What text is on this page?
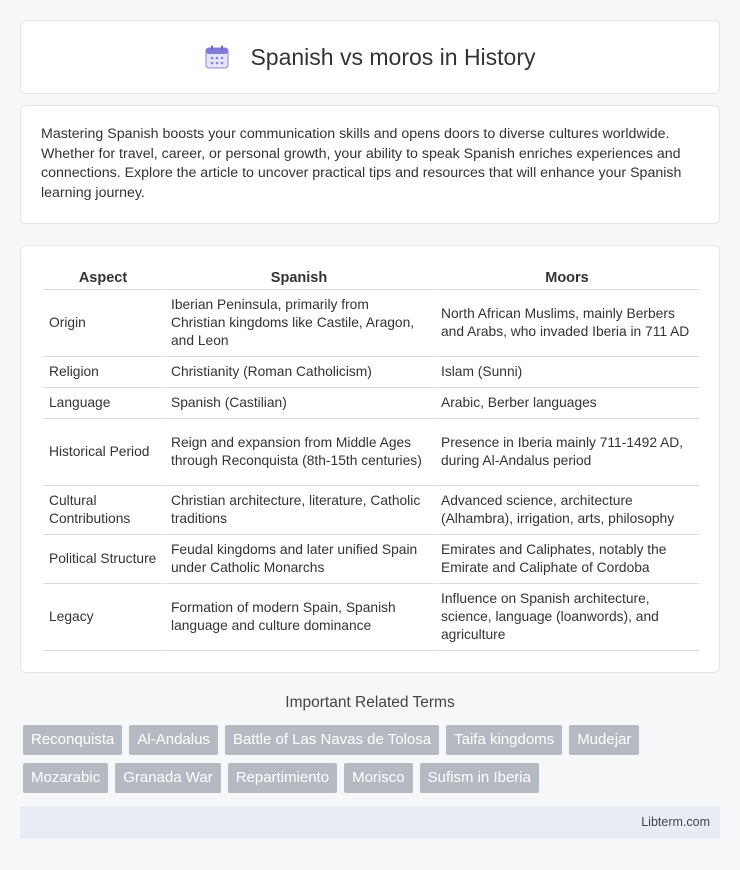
Spanish vs moros in History

Mastering Spanish boosts your communication skills and opens doors to diverse cultures worldwide. Whether for travel, career, or personal growth, your ability to speak Spanish enriches experiences and connections. Explore the article to uncover practical tips and resources that will enhance your Spanish learning journey.

Aspect	Spanish	Moors
Origin	Iberian Peninsula, primarily from Christian kingdoms like Castile, Aragon, and Leon	North African Muslims, mainly Berbers and Arabs, who invaded Iberia in 711 AD
Religion	Christianity (Roman Catholicism)	Islam (Sunni)
Language	Spanish (Castilian)	Arabic, Berber languages
Historical Period	Reign and expansion from Middle Ages through Reconquista (8th-15th centuries)	Presence in Iberia mainly 711-1492 AD, during Al-Andalus period
Cultural Contributions	Christian architecture, literature, Catholic traditions	Advanced science, architecture (Alhambra), irrigation, arts, philosophy
Political Structure	Feudal kingdoms and later unified Spain under Catholic Monarchs	Emirates and Caliphates, notably the Emirate and Caliphate of Cordoba
Legacy	Formation of modern Spain, Spanish language and culture dominance	Influence on Spanish architecture, science, language (loanwords), and agriculture
Important Related Terms
Reconquista	Al-Andalus	Battle of Las Navas de Tolosa	Taifa kingdoms	Mudejar
Mozarabic	Granada War	Repartimiento	Morisco	Sufism in Iberia
Libterm.com
